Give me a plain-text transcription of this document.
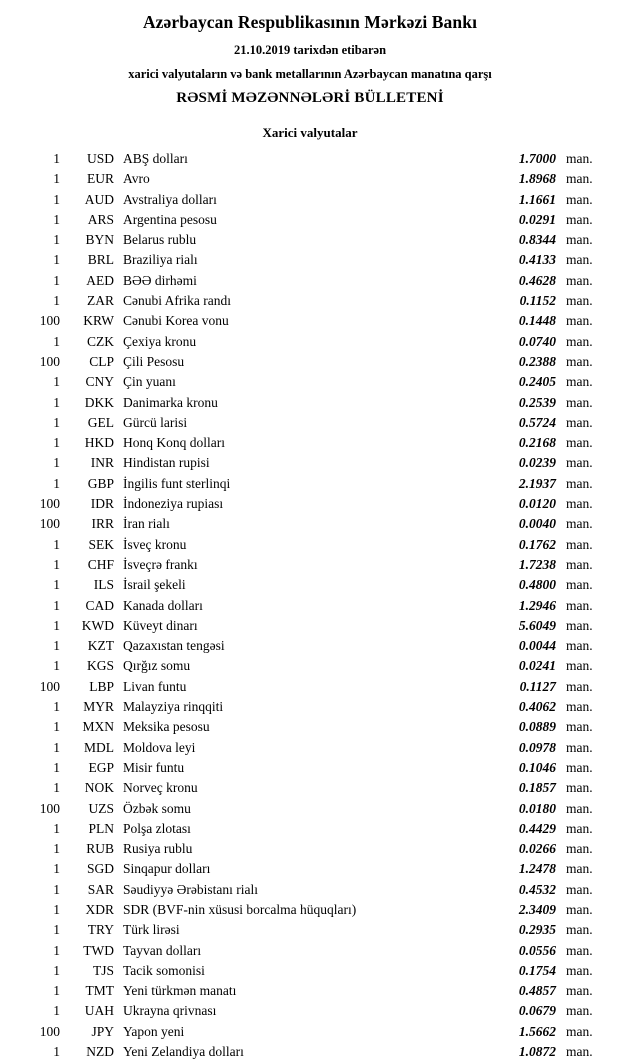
Azərbaycan Respublikasının Mərkəzi Bankı
21.10.2019 tarixdən etibarən
xarici valyutaların və bank metallarının Azərbaycan manatına qarşı
RƏSMİ MƏZƏNNƏLƏRİ BÜLLETENİ
Xarici valyutalar
1	USD	ABŞ dolları	1.7000	man.
1	EUR	Avro	1.8968	man.
1	AUD	Avstraliya dolları	1.1661	man.
1	ARS	Argentina pesosu	0.0291	man.
1	BYN	Belarus rublu	0.8344	man.
1	BRL	Braziliya rialı	0.4133	man.
1	AED	BƏƏ dirhəmi	0.4628	man.
1	ZAR	Cənubi Afrika randı	0.1152	man.
100	KRW	Cənubi Korea vonu	0.1448	man.
1	CZK	Çexiya kronu	0.0740	man.
100	CLP	Çili Pesosu	0.2388	man.
1	CNY	Çin yuanı	0.2405	man.
1	DKK	Danimarka kronu	0.2539	man.
1	GEL	Gürcü larisi	0.5724	man.
1	HKD	Honq Konq dolları	0.2168	man.
1	INR	Hindistan rupisi	0.0239	man.
1	GBP	İngilis funt sterlinqi	2.1937	man.
100	IDR	İndoneziya rupiası	0.0120	man.
100	IRR	İran rialı	0.0040	man.
1	SEK	İsveç kronu	0.1762	man.
1	CHF	İsveçrə frankı	1.7238	man.
1	ILS	İsrail şekeli	0.4800	man.
1	CAD	Kanada dolları	1.2946	man.
1	KWD	Küveyt dinarı	5.6049	man.
1	KZT	Qazaxıstan tengəsi	0.0044	man.
1	KGS	Qırğız somu	0.0241	man.
100	LBP	Livan funtu	0.1127	man.
1	MYR	Malayziya rinqqiti	0.4062	man.
1	MXN	Meksika pesosu	0.0889	man.
1	MDL	Moldova leyi	0.0978	man.
1	EGP	Misir funtu	0.1046	man.
1	NOK	Norveç kronu	0.1857	man.
100	UZS	Özbək somu	0.0180	man.
1	PLN	Polşa zlotası	0.4429	man.
1	RUB	Rusiya rublu	0.0266	man.
1	SGD	Sinqapur dolları	1.2478	man.
1	SAR	Səudiyyə Ərəbistanı rialı	0.4532	man.
1	XDR	SDR (BVF-nin xüsusi borcalma hüquqları)	2.3409	man.
1	TRY	Türk lirəsi	0.2935	man.
1	TWD	Tayvan dolları	0.0556	man.
1	TJS	Tacik somonisi	0.1754	man.
1	TMT	Yeni türkmən manatı	0.4857	man.
1	UAH	Ukrayna qrivnası	0.0679	man.
100	JPY	Yapon yeni	1.5662	man.
1	NZD	Yeni Zelandiya dolları	1.0872	man.
